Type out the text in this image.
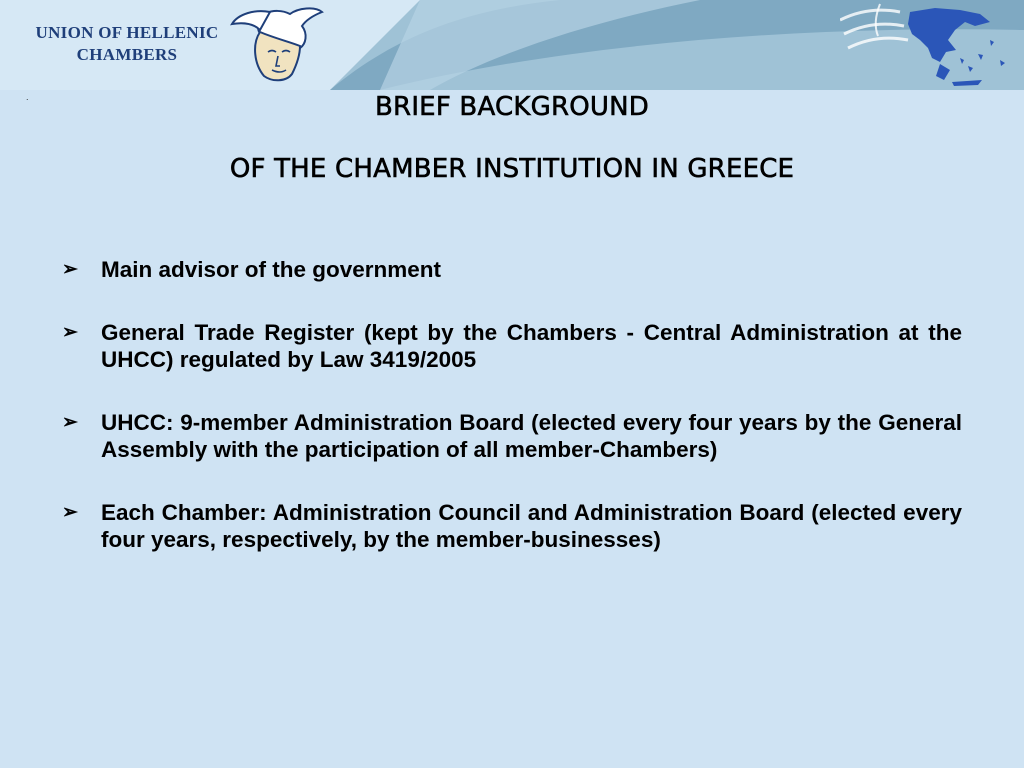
UNION OF HELLENIC
CHAMBERS
.	BRIEF BACKGROUND
OF THE CHAMBER INSTITUTION IN GREECE
➢ Main advisor of the government
➢ General Trade Register (kept by the Chambers - Central Administration at the UHCC) regulated by Law 3419/2005
➢ UHCC: 9-member Administration Board (elected every four years by the General Assembly with the participation of all member-Chambers)
➢ Each Chamber: Administration Council and Administration Board (elected every four years, respectively, by the member-businesses)
